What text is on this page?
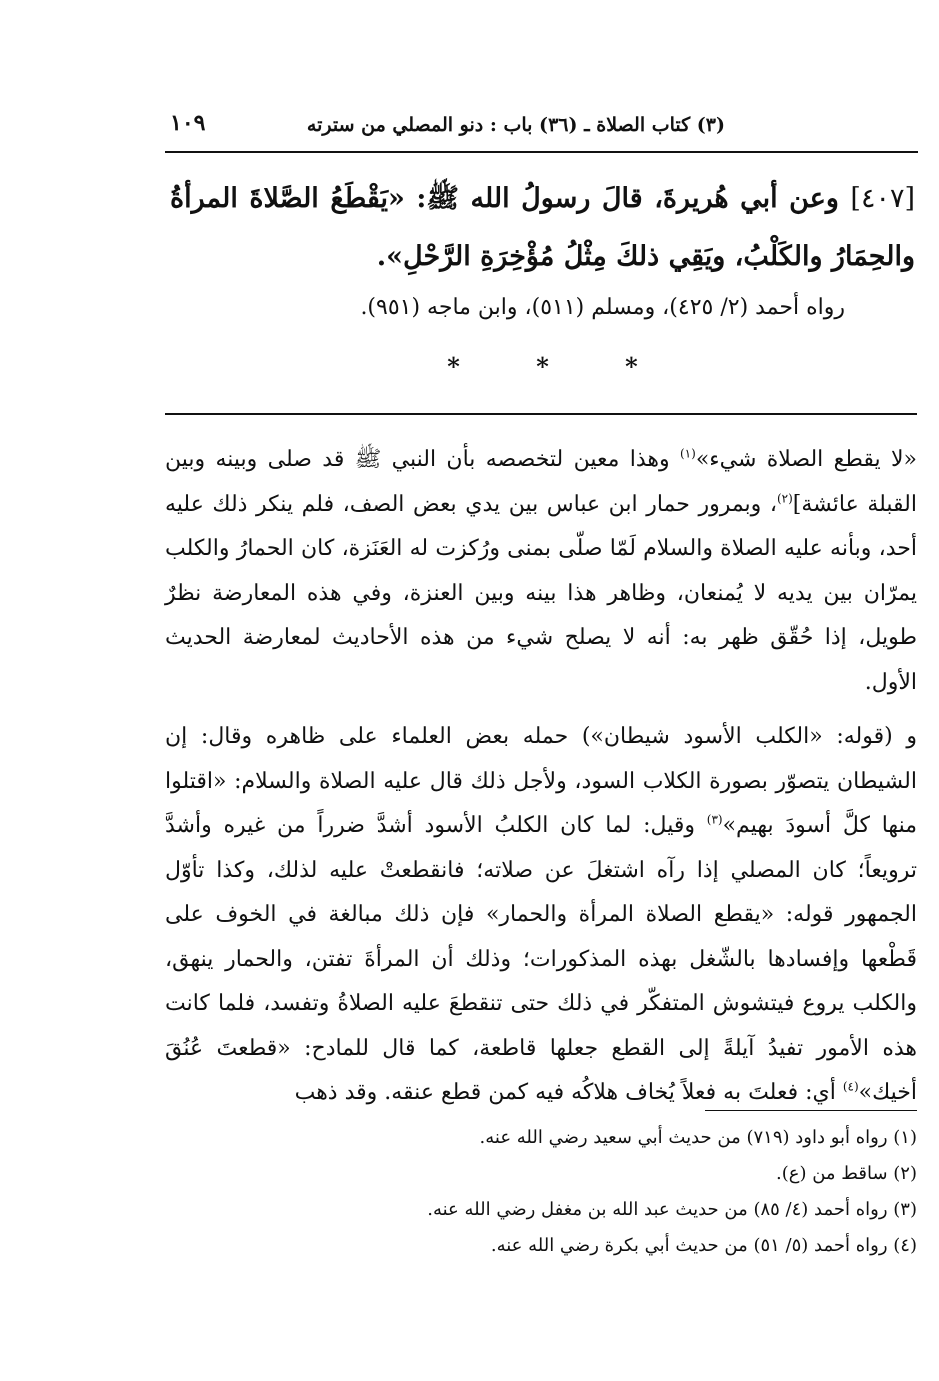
(٣) كتاب الصلاة ـ (٣٦) باب : دنو المصلي من سترته
١٠٩
[٤٠٧] وعن أبي هُريرةَ، قالَ رسولُ الله ﷺ: «يَقْطَعُ الصَّلاةَ المرأةُ والحِمَارُ والكَلْبُ، ويَقِي ذلكَ مِثْلُ مُؤْخِرَةِ الرَّحْلِ».
رواه أحمد (٢/ ٤٢٥)، ومسلم (٥١١)، وابن ماجه (٩٥١).
*	*	*

«لا يقطع الصلاة شيء»$^{(١)}$ وهذا معين لتخصصه بأن النبي ﷺ قد صلى وبينه وبين القبلة عائشة]$^{(٢)}$، وبمرور حمار ابن عباس بين يدي بعض الصف، فلم ينكر ذلك عليه أحد، وبأنه عليه الصلاة والسلام لَمّا صلّى بمنى ورُكزت له العَنَزة، كان الحمارُ والكلب يمرّان بين يديه لا يُمنعان، وظاهر هذا بينه وبين العنزة، وفي هذه المعارضة نظرٌ طويل، إذا حُقّق ظهر به: أنه لا يصلح شيء من هذه الأحاديث لمعارضة الحديث الأول.

و (قوله: «الكلب الأسود شيطان») حمله بعض العلماء على ظاهره وقال: إن الشيطان يتصوّر بصورة الكلاب السود، ولأجل ذلك قال عليه الصلاة والسلام: «اقتلوا منها كلَّ أسودَ بهيم»$^{(٣)}$ وقيل: لما كان الكلبُ الأسود أشدَّ ضرراً من غيره وأشدَّ ترويعاً؛ كان المصلي إذا رآه اشتغلَ عن صلاته؛ فانقطعتْ عليه لذلك، وكذا تأوّل الجمهور قوله: «يقطع الصلاة المرأة والحمار» فإن ذلك مبالغة في الخوف على قَطْعها وإفسادها بالشّغل بهذه المذكورات؛ وذلك أن المرأةَ تفتن، والحمار ينهق، والكلب يروع فيتشوش المتفكّر في ذلك حتى تنقطعَ عليه الصلاةُ وتفسد، فلما كانت هذه الأمور تفيدُ آيلةً إلى القطع جعلها قاطعة، كما قال للمادح: «قطعتَ عُنُقَ أخيك»$^{(٤)}$ أي: فعلتَ به فعلاً يُخاف هلاكُه فيه كمن قطع عنقه. وقد ذهب

(١) رواه أبو داود (٧١٩) من حديث أبي سعيد رضي الله عنه.

(٢) ساقط من (ع).

(٣) رواه أحمد (٤/ ٨٥) من حديث عبد الله بن مغفل رضي الله عنه.

(٤) رواه أحمد (٥/ ٥١) من حديث أبي بكرة رضي الله عنه.
